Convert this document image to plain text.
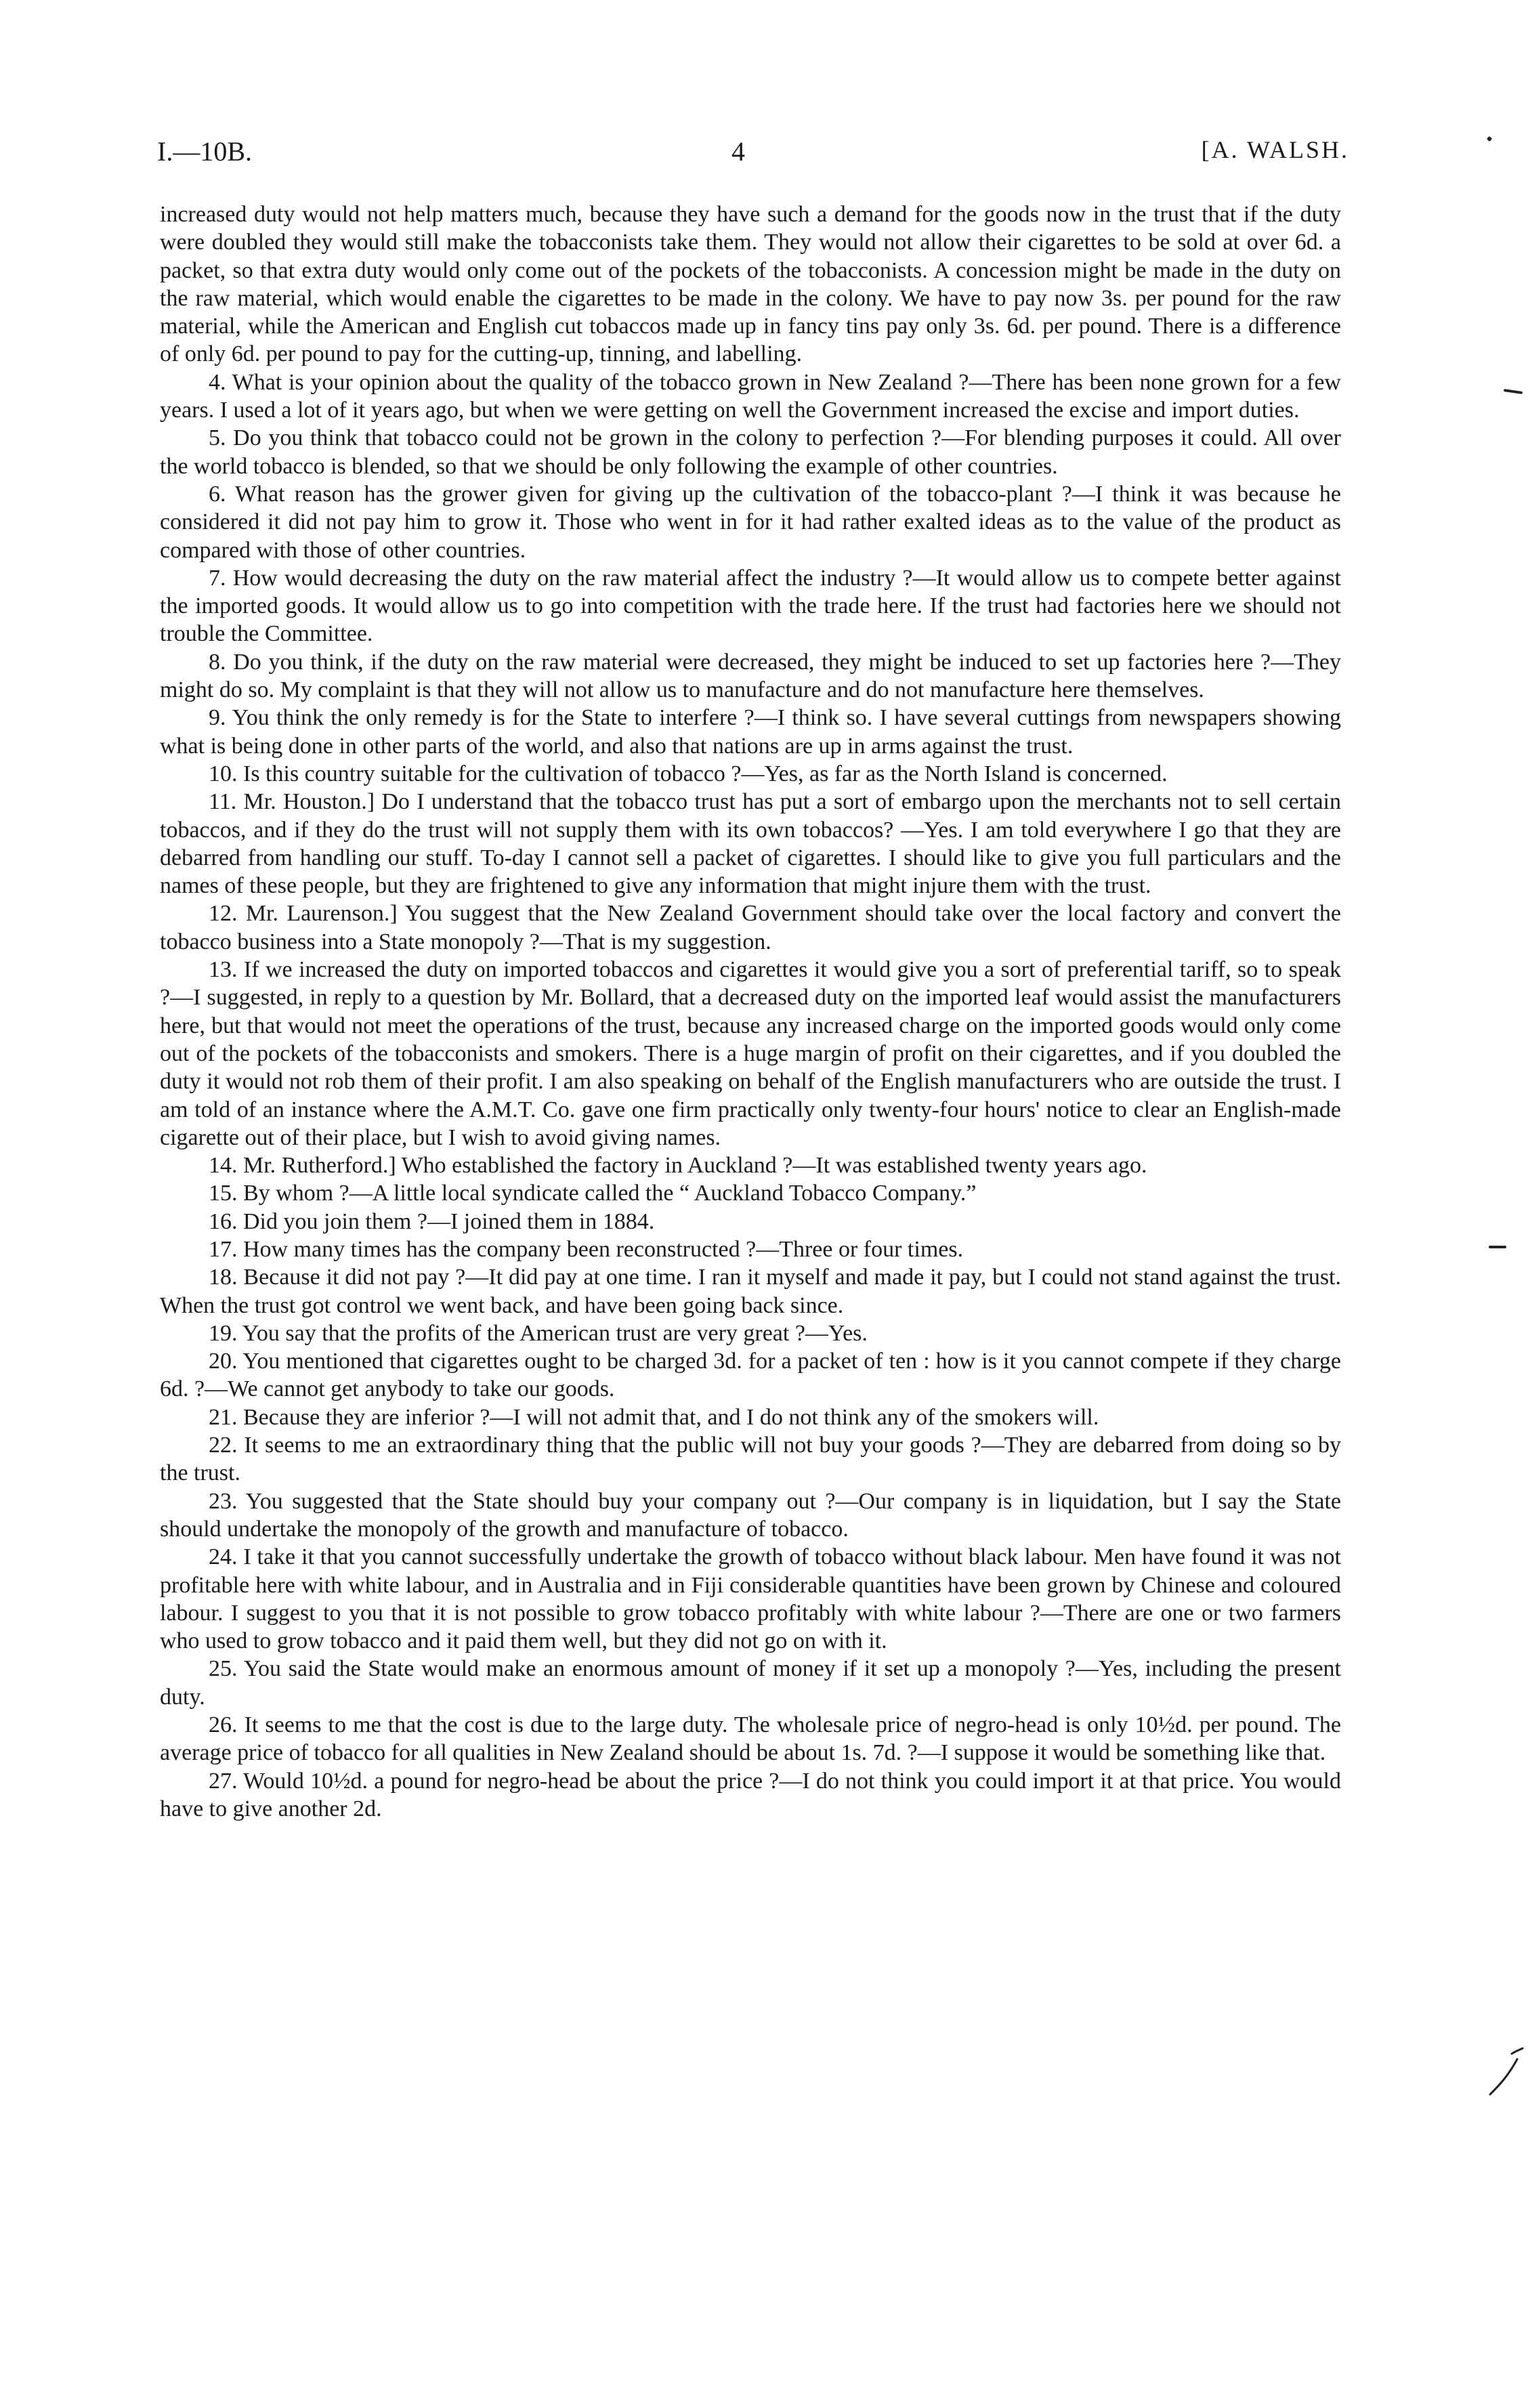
I.—10B.	4	[A. WALSH.

increased duty would not help matters much, because they have such a demand for the goods now in the trust that if the duty were doubled they would still make the tobacconists take them. They would not allow their cigarettes to be sold at over 6d. a packet, so that extra duty would only come out of the pockets of the tobacconists. A concession might be made in the duty on the raw material, which would enable the cigarettes to be made in the colony. We have to pay now 3s. per pound for the raw material, while the American and English cut tobaccos made up in fancy tins pay only 3s. 6d. per pound. There is a difference of only 6d. per pound to pay for the cutting-up, tinning, and labelling.

4. What is your opinion about the quality of the tobacco grown in New Zealand ?—There has been none grown for a few years. I used a lot of it years ago, but when we were getting on well the Government increased the excise and import duties.

5. Do you think that tobacco could not be grown in the colony to perfection ?—For blending purposes it could. All over the world tobacco is blended, so that we should be only following the example of other countries.

6. What reason has the grower given for giving up the cultivation of the tobacco-plant ?—I think it was because he considered it did not pay him to grow it. Those who went in for it had rather exalted ideas as to the value of the product as compared with those of other countries.

7. How would decreasing the duty on the raw material affect the industry ?—It would allow us to compete better against the imported goods. It would allow us to go into competition with the trade here. If the trust had factories here we should not trouble the Committee.

8. Do you think, if the duty on the raw material were decreased, they might be induced to set up factories here ?—They might do so. My complaint is that they will not allow us to manufacture and do not manufacture here themselves.

9. You think the only remedy is for the State to interfere ?—I think so. I have several cuttings from newspapers showing what is being done in other parts of the world, and also that nations are up in arms against the trust.

10. Is this country suitable for the cultivation of tobacco ?—Yes, as far as the North Island is concerned.

11. Mr. Houston.] Do I understand that the tobacco trust has put a sort of embargo upon the merchants not to sell certain tobaccos, and if they do the trust will not supply them with its own tobaccos? —Yes. I am told everywhere I go that they are debarred from handling our stuff. To-day I cannot sell a packet of cigarettes. I should like to give you full particulars and the names of these people, but they are frightened to give any information that might injure them with the trust.

12. Mr. Laurenson.] You suggest that the New Zealand Government should take over the local factory and convert the tobacco business into a State monopoly ?—That is my suggestion.

13. If we increased the duty on imported tobaccos and cigarettes it would give you a sort of preferential tariff, so to speak ?—I suggested, in reply to a question by Mr. Bollard, that a decreased duty on the imported leaf would assist the manufacturers here, but that would not meet the operations of the trust, because any increased charge on the imported goods would only come out of the pockets of the tobacconists and smokers. There is a huge margin of profit on their cigarettes, and if you doubled the duty it would not rob them of their profit. I am also speaking on behalf of the English manufacturers who are outside the trust. I am told of an instance where the A.M.T. Co. gave one firm practically only twenty-four hours' notice to clear an English-made cigarette out of their place, but I wish to avoid giving names.

14. Mr. Rutherford.] Who established the factory in Auckland ?—It was established twenty years ago.

15. By whom ?—A little local syndicate called the “ Auckland Tobacco Company.”

16. Did you join them ?—I joined them in 1884.

17. How many times has the company been reconstructed ?—Three or four times.

18. Because it did not pay ?—It did pay at one time. I ran it myself and made it pay, but I could not stand against the trust. When the trust got control we went back, and have been going back since.

19. You say that the profits of the American trust are very great ?—Yes.

20. You mentioned that cigarettes ought to be charged 3d. for a packet of ten : how is it you cannot compete if they charge 6d. ?—We cannot get anybody to take our goods.

21. Because they are inferior ?—I will not admit that, and I do not think any of the smokers will.

22. It seems to me an extraordinary thing that the public will not buy your goods ?—They are debarred from doing so by the trust.

23. You suggested that the State should buy your company out ?—Our company is in liquidation, but I say the State should undertake the monopoly of the growth and manufacture of tobacco.

24. I take it that you cannot successfully undertake the growth of tobacco without black labour. Men have found it was not profitable here with white labour, and in Australia and in Fiji considerable quantities have been grown by Chinese and coloured labour. I suggest to you that it is not possible to grow tobacco profitably with white labour ?—There are one or two farmers who used to grow tobacco and it paid them well, but they did not go on with it.

25. You said the State would make an enormous amount of money if it set up a monopoly ?—Yes, including the present duty.

26. It seems to me that the cost is due to the large duty. The wholesale price of negro-head is only 10½d. per pound. The average price of tobacco for all qualities in New Zealand should be about 1s. 7d. ?—I suppose it would be something like that.

27. Would 10½d. a pound for negro-head be about the price ?—I do not think you could import it at that price. You would have to give another 2d.
